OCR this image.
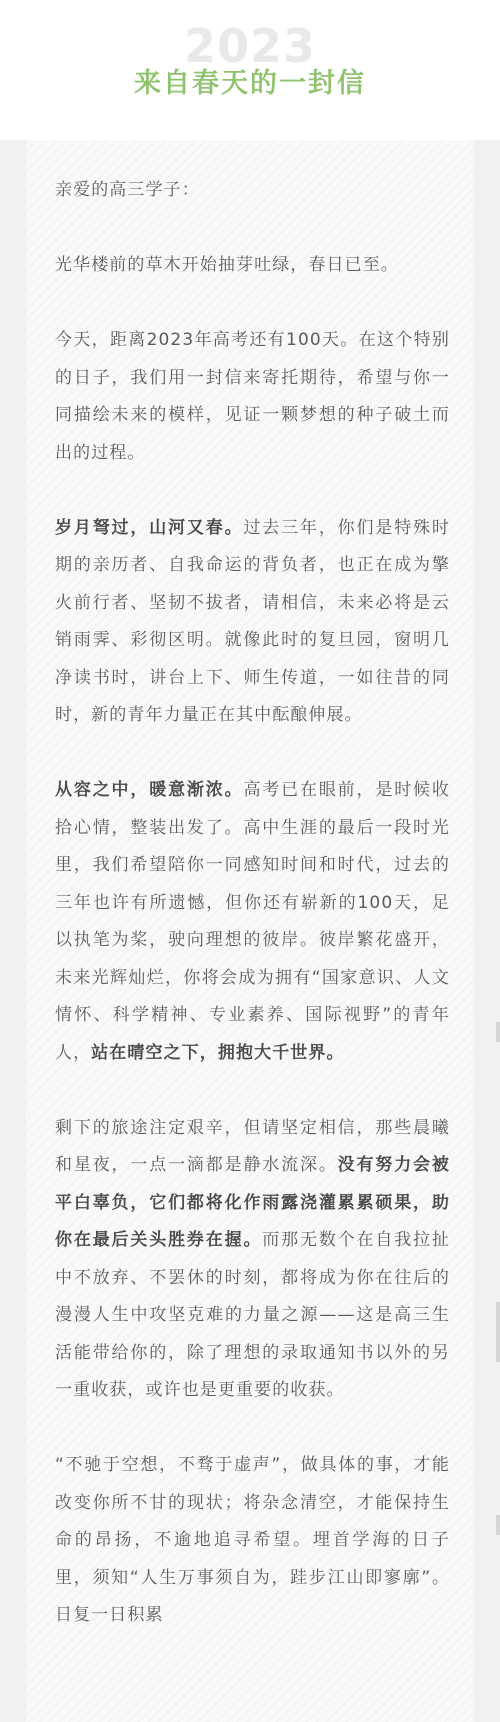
2023
来自春天的一封信

亲爱的高三学子：

光华楼前的草木开始抽芽吐绿，春日已至。

今天，距离2023年高考还有100天。在这个特别的日子，我们用一封信来寄托期待，希望与你一同描绘未来的模样，见证一颗梦想的种子破土而出的过程。

岁月弩过，山河又春。过去三年，你们是特殊时期的亲历者、自我命运的背负者，也正在成为擎火前行者、坚韧不拔者，请相信，未来必将是云销雨霁、彩彻区明。就像此时的复旦园，窗明几净读书时，讲台上下、师生传道，一如往昔的同时，新的青年力量正在其中酝酿伸展。

从容之中，暖意渐浓。高考已在眼前，是时候收拾心情，整装出发了。高中生涯的最后一段时光里，我们希望陪你一同感知时间和时代，过去的三年也许有所遗憾，但你还有崭新的100天，足以执笔为桨，驶向理想的彼岸。彼岸繁花盛开，未来光辉灿烂，你将会成为拥有“国家意识、人文情怀、科学精神、专业素养、国际视野”的青年人，站在晴空之下，拥抱大千世界。

剩下的旅途注定艰辛，但请坚定相信，那些晨曦和星夜，一点一滴都是静水流深。没有努力会被平白辜负，它们都将化作雨露浇灌累累硕果，助你在最后关头胜券在握。而那无数个在自我拉扯中不放弃、不罢休的时刻，都将成为你在往后的漫漫人生中攻坚克难的力量之源——这是高三生活能带给你的，除了理想的录取通知书以外的另一重收获，或许也是更重要的收获。

“不驰于空想，不骛于虚声”，做具体的事，才能改变你所不甘的现状；将杂念清空，才能保持生命的昂扬，不逾地追寻希望。埋首学海的日子里，须知“人生万事须自为，跬步江山即寥廓”。日复一日积累
